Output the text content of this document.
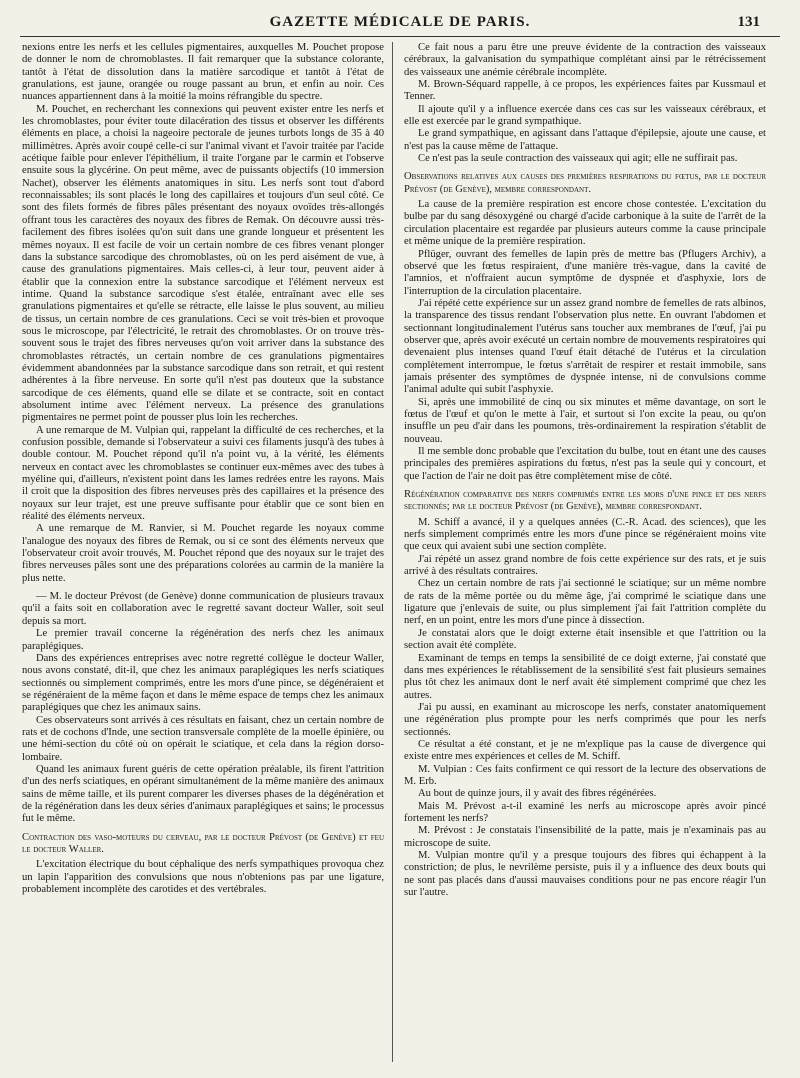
GAZETTE MÉDICALE DE PARIS.	131

nexions entre les nerfs et les cellules pigmentaires, auxquelles M. Pouchet propose de donner le nom de chromoblastes. Il fait remarquer que la substance colorante, tantôt à l'état de dissolution dans la matière sarcodique et tantôt à l'état de granulations, est jaune, orangée ou rouge passant au brun, et enfin au noir. Ces nuances appartiennent dans à la moitié la moins réfrangible du spectre.

M. Pouchet, en recherchant les connexions qui peuvent exister entre les nerfs et les chromoblastes, pour éviter toute dilacération des tissus et observer les différents éléments en place, a choisi la nageoire pectorale de jeunes turbots longs de 35 à 40 millimètres. Après avoir coupé celle-ci sur l'animal vivant et l'avoir traitée par l'acide acétique faible pour enlever l'épithélium, il traite l'organe par le carmin et l'observe ensuite sous la glycérine. On peut même, avec de puissants objectifs (10 immersion Nachet), observer les éléments anatomiques in situ. Les nerfs sont tout d'abord reconnaissables; ils sont placés le long des capillaires et toujours d'un seul côté. Ce sont des filets formés de fibres pâles présentant des noyaux ovoïdes très-allongés offrant tous les caractères des noyaux des fibres de Remak. On découvre aussi très-facilement des fibres isolées qu'on suit dans une grande longueur et présentent les mêmes noyaux. Il est facile de voir un certain nombre de ces fibres venant plonger dans la substance sarcodique des chromoblastes, où on les perd aisément de vue, à cause des granulations pigmentaires. Mais celles-ci, à leur tour, peuvent aider à établir que la connexion entre la substance sarcodique et l'élément nerveux est intime. Quand la substance sarcodique s'est étalée, entraînant avec elle ses granulations pigmentaires et qu'elle se rétracte, elle laisse le plus souvent, au milieu de tissus, un certain nombre de ces granulations. Ceci se voit très-bien et provoque sous le microscope, par l'électricité, le retrait des chromoblastes. Or on trouve très-souvent sous le trajet des fibres nerveuses qu'on voit arriver dans la substance des chromoblastes rétractés, un certain nombre de ces granulations pigmentaires évidemment abandonnées par la substance sarcodique dans son retrait, et qui restent adhérentes à la fibre nerveuse. En sorte qu'il n'est pas douteux que la substance sarcodique de ces éléments, quand elle se dilate et se contracte, soit en contact absolument intime avec l'élément nerveux. La présence des granulations pigmentaires ne permet point de pousser plus loin les recherches.

A une remarque de M. Vulpian qui, rappelant la difficulté de ces recherches, et la confusion possible, demande si l'observateur a suivi ces filaments jusqu'à des tubes à double contour. M. Pouchet répond qu'il n'a point vu, à la vérité, les éléments nerveux en contact avec les chromoblastes se continuer eux-mêmes avec des tubes à myéline qui, d'ailleurs, n'existent point dans les lames redrées entre les rayons. Mais il croit que la disposition des fibres nerveuses près des capillaires et la présence des noyaux sur leur trajet, est une preuve suffisante pour établir que ce sont bien en réalité des éléments nerveux.

A une remarque de M. Ranvier, si M. Pouchet regarde les noyaux comme l'analogue des noyaux des fibres de Remak, ou si ce sont des éléments nerveux que l'observateur croit avoir trouvés, M. Pouchet répond que des noyaux sur le trajet des fibres nerveuses pâles sont une des préparations colorées au carmin de la manière la plus nette.

— M. le docteur Prévost (de Genève) donne communication de plusieurs travaux qu'il a faits soit en collaboration avec le regretté savant docteur Waller, soit seul depuis sa mort.

Le premier travail concerne la régénération des nerfs chez les animaux paraplégiques.

Dans des expériences entreprises avec notre regretté collègue le docteur Waller, nous avons constaté, dit-il, que chez les animaux paraplégiques les nerfs sciatiques sectionnés ou simplement comprimés, entre les mors d'une pince, se dégénéraient et se régénéraient de la même façon et dans le même espace de temps chez les animaux paraplégiques que chez les animaux sains.

Ces observateurs sont arrivés à ces résultats en faisant, chez un certain nombre de rats et de cochons d'Inde, une section transversale complète de la moelle épinière, ou une hémi-section du côté où on opérait le sciatique, et cela dans la région dorso-lombaire.

Quand les animaux furent guéris de cette opération préalable, ils firent l'attrition d'un des nerfs sciatiques, en opérant simultanément de la même manière des animaux sains de même taille, et ils purent comparer les diverses phases de la dégénération et de la régénération dans les deux séries d'animaux paraplégiques et sains; le processus fut le même.

Contraction des vaso-moteurs du cerveau, par le docteur Prévost (de Genève) et feu le docteur Waller.

L'excitation électrique du bout céphalique des nerfs sympathiques provoqua chez un lapin l'apparition des convulsions que nous n'obtenions pas par une ligature, probablement incomplète des carotides et des vertébrales.

Ce fait nous a paru être une preuve évidente de la contraction des vaisseaux cérébraux, la galvanisation du sympathique complétant ainsi par le rétrécissement des vaisseaux une anémie cérébrale incomplète.

M. Brown-Séquard rappelle, à ce propos, les expériences faites par Kussmaul et Tenner.

Il ajoute qu'il y a influence exercée dans ces cas sur les vaisseaux cérébraux, et elle est exercée par le grand sympathique.

Le grand sympathique, en agissant dans l'attaque d'épilepsie, ajoute une cause, et n'est pas la cause même de l'attaque.

Ce n'est pas la seule contraction des vaisseaux qui agit; elle ne suffirait pas.

Observations relatives aux causes des premières respirations du fœtus, par le docteur Prévost (de Genève), membre correspondant.

La cause de la première respiration est encore chose contestée. L'excitation du bulbe par du sang désoxygéné ou chargé d'acide carbonique à la suite de l'arrêt de la circulation placentaire est regardée par plusieurs auteurs comme la cause principale et même unique de la première respiration.

Pflüger, ouvrant des femelles de lapin près de mettre bas (Pflugers Archiv), a observé que les fœtus respiraient, d'une manière très-vague, dans la cavité de l'amnios, et n'offraient aucun symptôme de dyspnée et d'asphyxie, lors de l'interruption de la circulation placentaire.

J'ai répété cette expérience sur un assez grand nombre de femelles de rats albinos, la transparence des tissus rendant l'observation plus nette. En ouvrant l'abdomen et sectionnant longitudinalement l'utérus sans toucher aux membranes de l'œuf, j'ai pu observer que, après avoir exécuté un certain nombre de mouvements respiratoires qui devenaient plus intenses quand l'œuf était détaché de l'utérus et la circulation complètement interrompue, le fœtus s'arrêtait de respirer et restait immobile, sans jamais présenter des symptômes de dyspnée intense, ni de convulsions comme l'animal adulte qui subit l'asphyxie.

Si, après une immobilité de cinq ou six minutes et même davantage, on sort le fœtus de l'œuf et qu'on le mette à l'air, et surtout si l'on excite la peau, ou qu'on insuffle un peu d'air dans les poumons, très-ordinairement la respiration s'établit de nouveau.

Il me semble donc probable que l'excitation du bulbe, tout en étant une des causes principales des premières aspirations du fœtus, n'est pas la seule qui y concourt, et que l'action de l'air ne doit pas être complètement mise de côté.

Régénération comparative des nerfs comprimés entre les mors d'une pince et des nerfs sectionnés; par le docteur Prévost (de Genève), membre correspondant.

M. Schiff a avancé, il y a quelques années (C.-R. Acad. des sciences), que les nerfs simplement comprimés entre les mors d'une pince se régénéraient moins vite que ceux qui avaient subi une section complète.

J'ai répété un assez grand nombre de fois cette expérience sur des rats, et je suis arrivé à des résultats contraires.

Chez un certain nombre de rats j'ai sectionné le sciatique; sur un même nombre de rats de la même portée ou du même âge, j'ai comprimé le sciatique dans une ligature que j'enlevais de suite, ou plus simplement j'ai fait l'attrition complète du nerf, en un point, entre les mors d'une pince à dissection.

Je constatai alors que le doigt externe était insensible et que l'attrition ou la section avait été complète.

Examinant de temps en temps la sensibilité de ce doigt externe, j'ai constaté que dans mes expériences le rétablissement de la sensibilité s'est fait plusieurs semaines plus tôt chez les animaux dont le nerf avait été simplement comprimé que chez les autres.

J'ai pu aussi, en examinant au microscope les nerfs, constater anatomiquement une régénération plus prompte pour les nerfs comprimés que pour les nerfs sectionnés.

Ce résultat a été constant, et je ne m'explique pas la cause de divergence qui existe entre mes expériences et celles de M. Schiff.

M. Vulpian : Ces faits confirment ce qui ressort de la lecture des observations de M. Erb.

Au bout de quinze jours, il y avait des fibres régénérées.

Mais M. Prévost a-t-il examiné les nerfs au microscope après avoir pincé fortement les nerfs?

M. Prévost : Je constatais l'insensibilité de la patte, mais je n'examinais pas au microscope de suite.

M. Vulpian montre qu'il y a presque toujours des fibres qui échappent à la constriction; de plus, le nevrilème persiste, puis il y a influence des deux bouts qui ne sont pas placés dans d'aussi mauvaises conditions pour ne pas encore réagir l'un sur l'autre.
